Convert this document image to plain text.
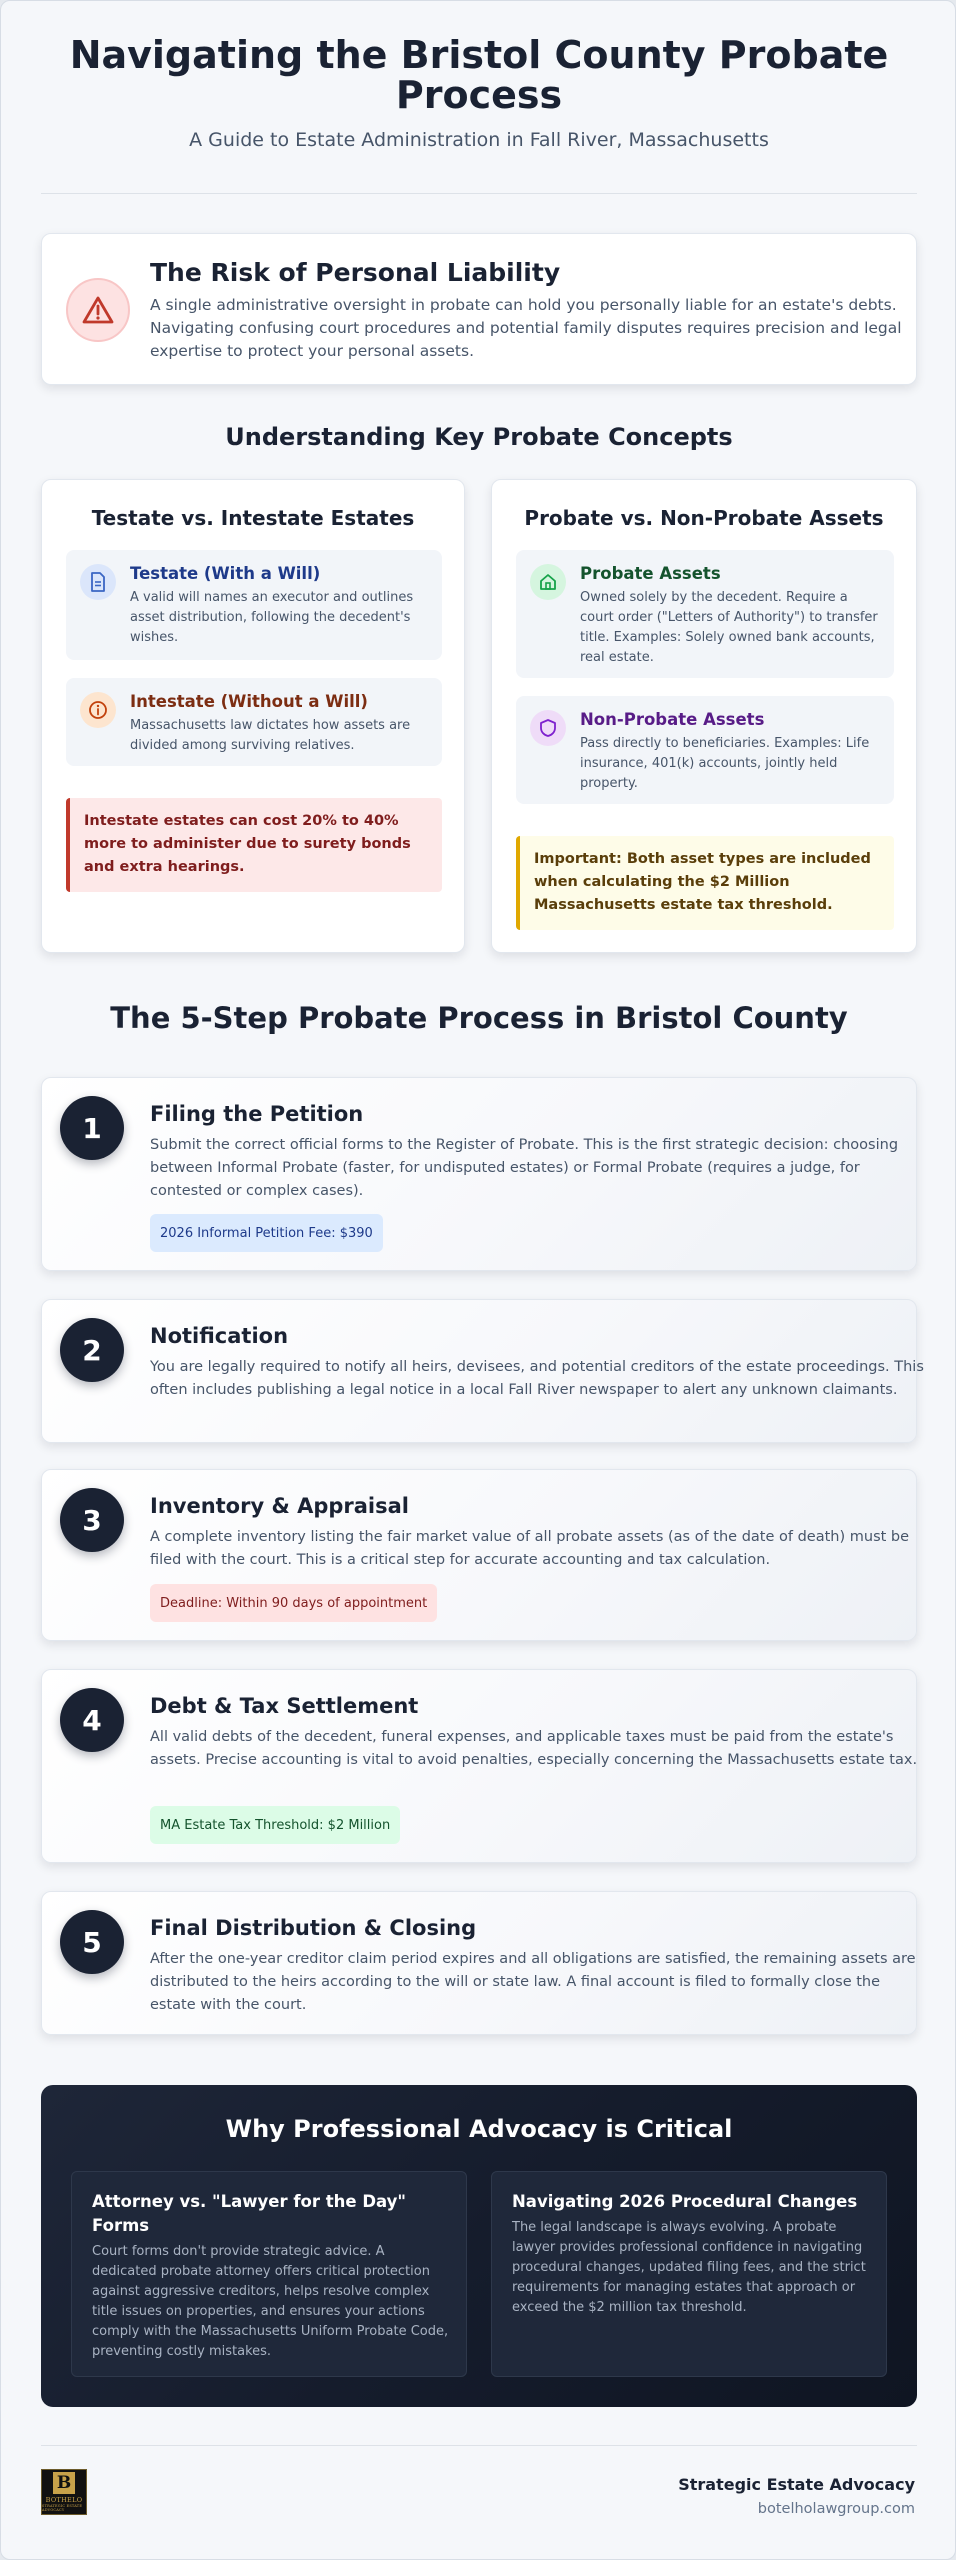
Navigating the Bristol County Probate Process
A Guide to Estate Administration in Fall River, Massachusetts
The Risk of Personal Liability
A single administrative oversight in probate can hold you personally liable for an estate's debts. Navigating confusing court procedures and potential family disputes requires precision and legal expertise to protect your personal assets.
Understanding Key Probate Concepts
Testate vs. Intestate Estates
Testate (With a Will)
A valid will names an executor and outlines asset distribution, following the decedent's wishes.
Intestate (Without a Will)
Massachusetts law dictates how assets are divided among surviving relatives.
Intestate estates can cost 20% to 40% more to administer due to surety bonds and extra hearings.
Probate vs. Non-Probate Assets
Probate Assets
Owned solely by the decedent. Require a court order ("Letters of Authority") to transfer title. Examples: Solely owned bank accounts, real estate.
Non-Probate Assets
Pass directly to beneficiaries. Examples: Life insurance, 401(k) accounts, jointly held property.
Important: Both asset types are included when calculating the $2 Million Massachusetts estate tax threshold.
The 5-Step Probate Process in Bristol County
1	Filing the Petition
Submit the correct official forms to the Register of Probate. This is the first strategic decision: choosing between Informal Probate (faster, for undisputed estates) or Formal Probate (requires a judge, for contested or complex cases).
2026 Informal Petition Fee: $390
2	Notification
You are legally required to notify all heirs, devisees, and potential creditors of the estate proceedings. This often includes publishing a legal notice in a local Fall River newspaper to alert any unknown claimants.
3	Inventory & Appraisal
A complete inventory listing the fair market value of all probate assets (as of the date of death) must be filed with the court. This is a critical step for accurate accounting and tax calculation.
Deadline: Within 90 days of appointment
4	Debt & Tax Settlement
All valid debts of the decedent, funeral expenses, and applicable taxes must be paid from the estate's assets. Precise accounting is vital to avoid penalties, especially concerning the Massachusetts estate tax.
MA Estate Tax Threshold: $2 Million
5	Final Distribution & Closing
After the one-year creditor claim period expires and all obligations are satisfied, the remaining assets are distributed to the heirs according to the will or state law. A final account is filed to formally close the estate with the court.
Why Professional Advocacy is Critical
Attorney vs. "Lawyer for the Day" Forms
Court forms don't provide strategic advice. A dedicated probate attorney offers critical protection against aggressive creditors, helps resolve complex title issues on properties, and ensures your actions comply with the Massachusetts Uniform Probate Code, preventing costly mistakes.
Navigating 2026 Procedural Changes
The legal landscape is always evolving. A probate lawyer provides professional confidence in navigating procedural changes, updated filing fees, and the strict requirements for managing estates that approach or exceed the $2 million tax threshold.
B
BOTHELO
STRATEGIC ESTATE ADVOCACY
Strategic Estate Advocacy
botelholawgroup.com
